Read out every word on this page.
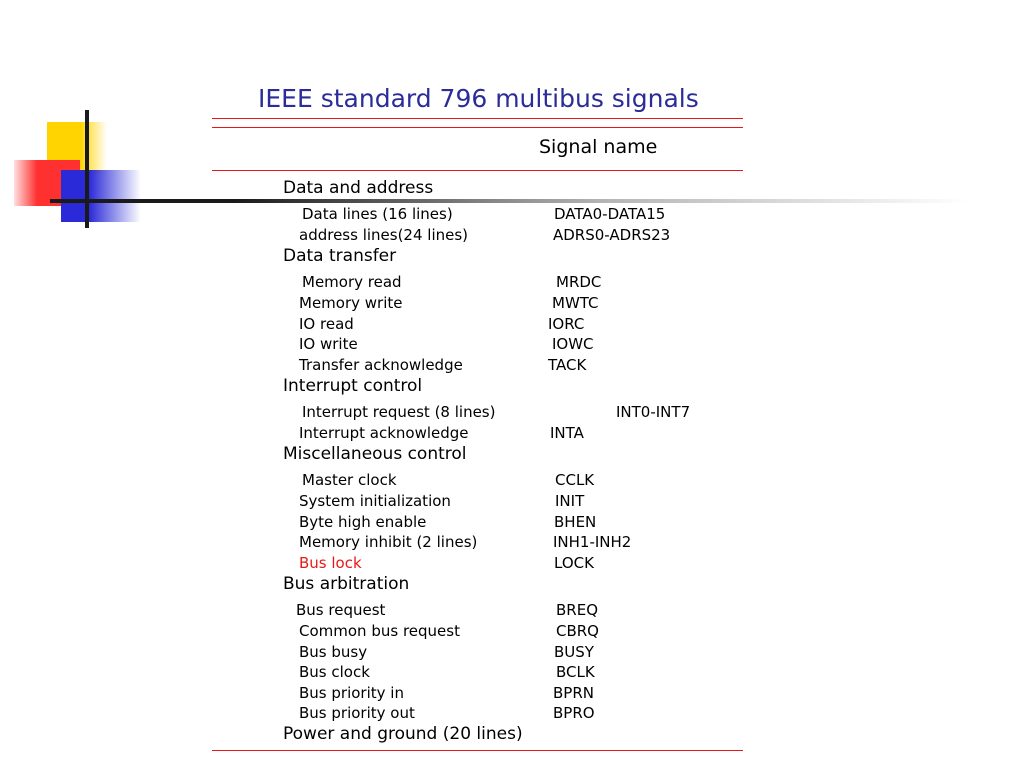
IEEE standard 796 multibus signals
Signal name
Data and address
Data lines (16 lines)	DATA0-DATA15
address lines(24 lines)	ADRS0-ADRS23
Data transfer
Memory read	MRDC
Memory write	MWTC
IO read	IORC
IO write	IOWC
Transfer acknowledge	TACK
Interrupt control
Interrupt request (8 lines)	INT0-INT7
Interrupt acknowledge	INTA
Miscellaneous control
Master clock	CCLK
System initialization	INIT
Byte high enable	BHEN
Memory inhibit (2 lines)	INH1-INH2
Bus lock	LOCK
Bus arbitration
Bus request	BREQ
Common bus request	CBRQ
Bus busy	BUSY
Bus clock	BCLK
Bus priority in	BPRN
Bus priority out	BPRO
Power and ground (20 lines)
